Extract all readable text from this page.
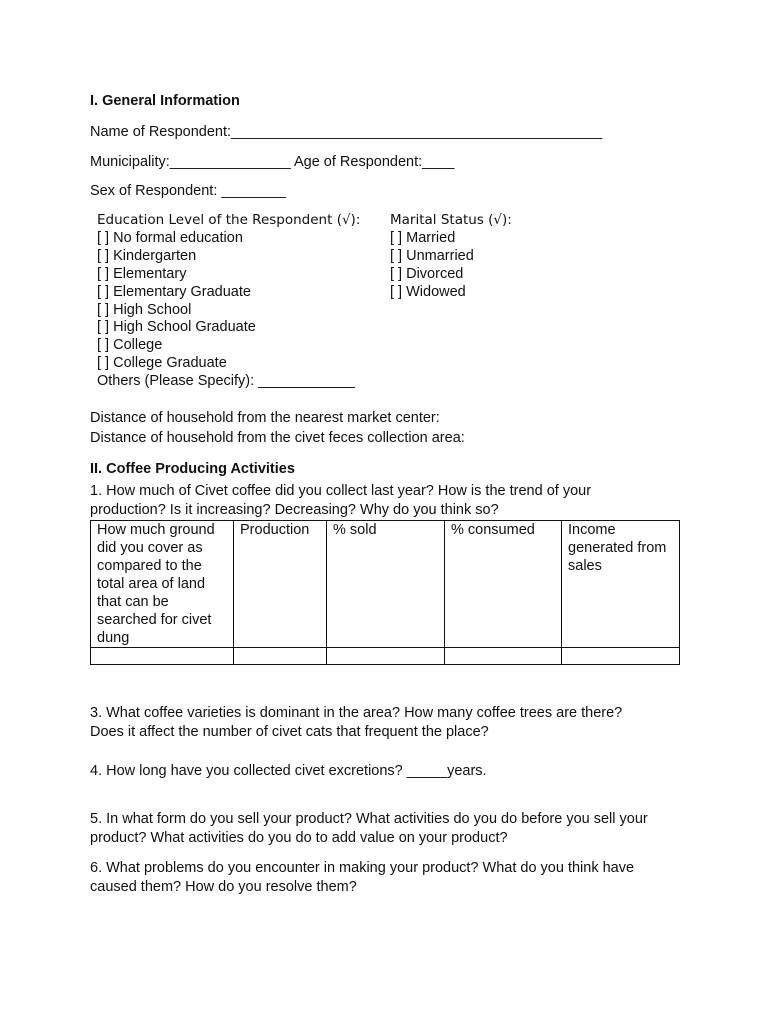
I. General Information
Name of Respondent:______________________________________________
Municipality:_______________ Age of Respondent:____
Sex of Respondent: ________
Education Level of the Respondent (√):
[ ] No formal education
[ ] Kindergarten
[ ] Elementary
[ ] Elementary Graduate
[ ] High School
[ ] High School Graduate
[ ] College
[ ] College Graduate
Others (Please Specify): ____________
Marital Status (√):
[ ] Married
[ ] Unmarried
[ ] Divorced
[ ] Widowed
Distance of household from the nearest market center:
Distance of household from the civet feces collection area:
II. Coffee Producing Activities
1. How much of Civet coffee did you collect last year? How is the trend of your
production? Is it increasing? Decreasing? Why do you think so?
How much ground did you cover as compared to the total area of land that can be searched for civet dung	Production	% sold	% consumed	Income generated from sales

3. What coffee varieties is dominant in the area? How many coffee trees are there?
Does it affect the number of civet cats that frequent the place?
4. How long have you collected civet excretions? _____years.
5. In what form do you sell your product? What activities do you do before you sell your
product? What activities do you do to add value on your product?
6. What problems do you encounter in making your product? What do you think have
caused them? How do you resolve them?
